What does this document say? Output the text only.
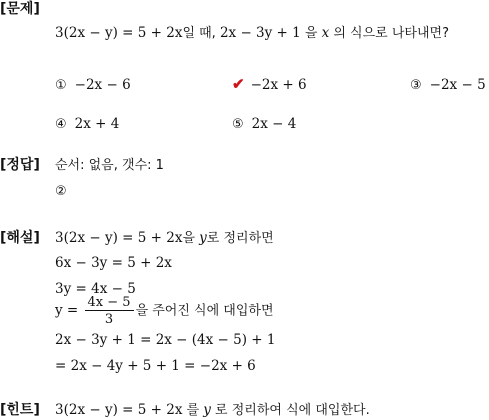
[문제]
3(2x − y) = 5 + 2x일 때, 2x − 3y + 1 을 x 의 식으로 나타내면?
① −2x − 6	✔ −2x + 6	③ −2x − 5
④ 2x + 4	⑤ 2x − 4
[정답] 순서: 없음, 갯수: 1
②
[해설] 3(2x − y) = 5 + 2x을 y로 정리하면
6x − 3y = 5 + 2x
3y = 4x − 5
$y = \frac{4x - 5}{3}$ 을 주어진 식에 대입하면
2x − 3y + 1 = 2x − (4x − 5) + 1
= 2x − 4y + 5 + 1 = −2x + 6
[힌트] 3(2x − y) = 5 + 2x 를 y 로 정리하여 식에 대입한다.
